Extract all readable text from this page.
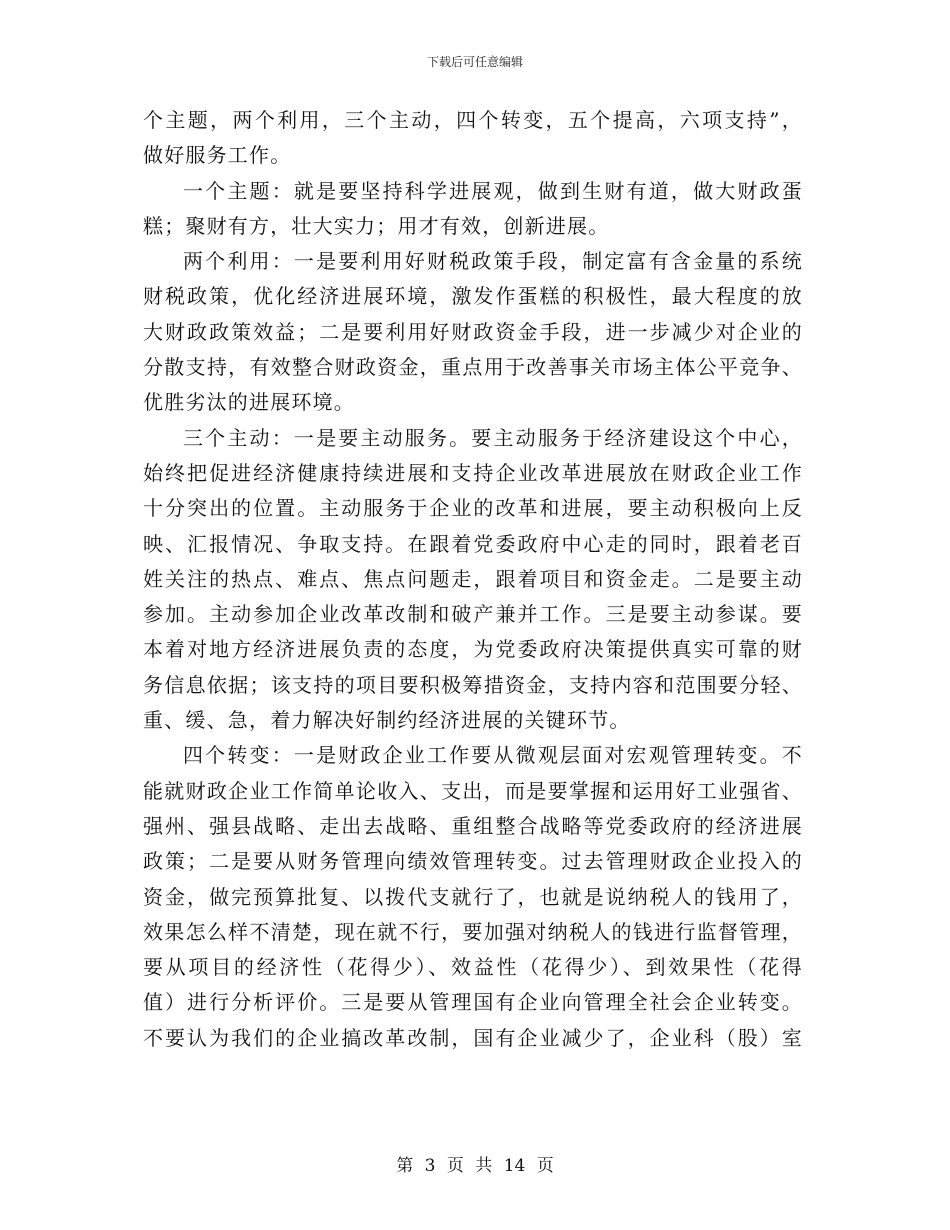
下载后可任意编辑
个主题，两个利用，三个主动，四个转变，五个提高，六项支持”，
做好服务工作。
一个主题：就是要坚持科学进展观，做到生财有道，做大财政蛋
糕；聚财有方，壮大实力；用才有效，创新进展。
两个利用：一是要利用好财税政策手段，制定富有含金量的系统
财税政策，优化经济进展环境，激发作蛋糕的积极性，最大程度的放
大财政政策效益；二是要利用好财政资金手段，进一步减少对企业的
分散支持，有效整合财政资金，重点用于改善事关市场主体公平竞争、
优胜劣汰的进展环境。
三个主动：一是要主动服务。要主动服务于经济建设这个中心，
始终把促进经济健康持续进展和支持企业改革进展放在财政企业工作
十分突出的位置。主动服务于企业的改革和进展，要主动积极向上反
映、汇报情况、争取支持。在跟着党委政府中心走的同时，跟着老百
姓关注的热点、难点、焦点问题走，跟着项目和资金走。二是要主动
参加。主动参加企业改革改制和破产兼并工作。三是要主动参谋。要
本着对地方经济进展负责的态度，为党委政府决策提供真实可靠的财
务信息依据；该支持的项目要积极筹措资金，支持内容和范围要分轻、
重、缓、急，着力解决好制约经济进展的关键环节。
四个转变：一是财政企业工作要从微观层面对宏观管理转变。不
能就财政企业工作简单论收入、支出，而是要掌握和运用好工业强省、
强州、强县战略、走出去战略、重组整合战略等党委政府的经济进展
政策；二是要从财务管理向绩效管理转变。过去管理财政企业投入的
资金，做完预算批复、以拨代支就行了，也就是说纳税人的钱用了，
效果怎么样不清楚，现在就不行，要加强对纳税人的钱进行监督管理，
要从项目的经济性（花得少）、效益性（花得少）、到效果性（花得
值）进行分析评价。三是要从管理国有企业向管理全社会企业转变。
不要认为我们的企业搞改革改制，国有企业减少了，企业科（股）室
第 3 页 共 14 页
